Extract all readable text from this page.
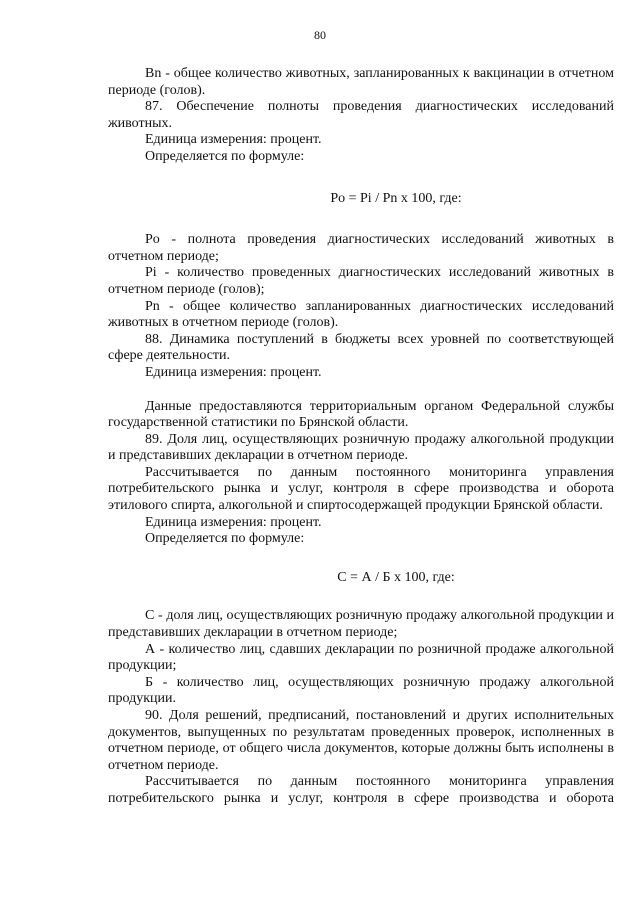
80

Bn - общее количество животных, запланированных к вакцинации в отчетном периоде (голов).

87. Обеспечение полноты проведения диагностических исследований животных.

Единица измерения: процент.

Определяется по формуле:

Po = Pi / Pn x 100, где:

Po - полнота проведения диагностических исследований животных в отчетном периоде;

Pi - количество проведенных диагностических исследований животных в отчетном периоде (голов);

Pn - общее количество запланированных диагностических исследований животных в отчетном периоде (голов).

88. Динамика поступлений в бюджеты всех уровней по соответствующей сфере деятельности.

Единица измерения: процент.

Данные предоставляются территориальным органом Федеральной службы государственной статистики по Брянской области.

89. Доля лиц, осуществляющих розничную продажу алкогольной продукции и представивших декларации в отчетном периоде.

Рассчитывается по данным постоянного мониторинга управления потребительского рынка и услуг, контроля в сфере производства и оборота этилового спирта, алкогольной и спиртосодержащей продукции Брянской области.

Единица измерения: процент.

Определяется по формуле:

С = А / Б х 100, где:

С - доля лиц, осуществляющих розничную продажу алкогольной продукции и представивших декларации в отчетном периоде;

А - количество лиц, сдавших декларации по розничной продаже алкогольной продукции;

Б - количество лиц, осуществляющих розничную продажу алкогольной продукции.

90. Доля решений, предписаний, постановлений и других исполнительных документов, выпущенных по результатам проведенных проверок, исполненных в отчетном периоде, от общего числа документов, которые должны быть исполнены в отчетном периоде.

Рассчитывается по данным постоянного мониторинга управления потребительского рынка и услуг, контроля в сфере производства и оборота
